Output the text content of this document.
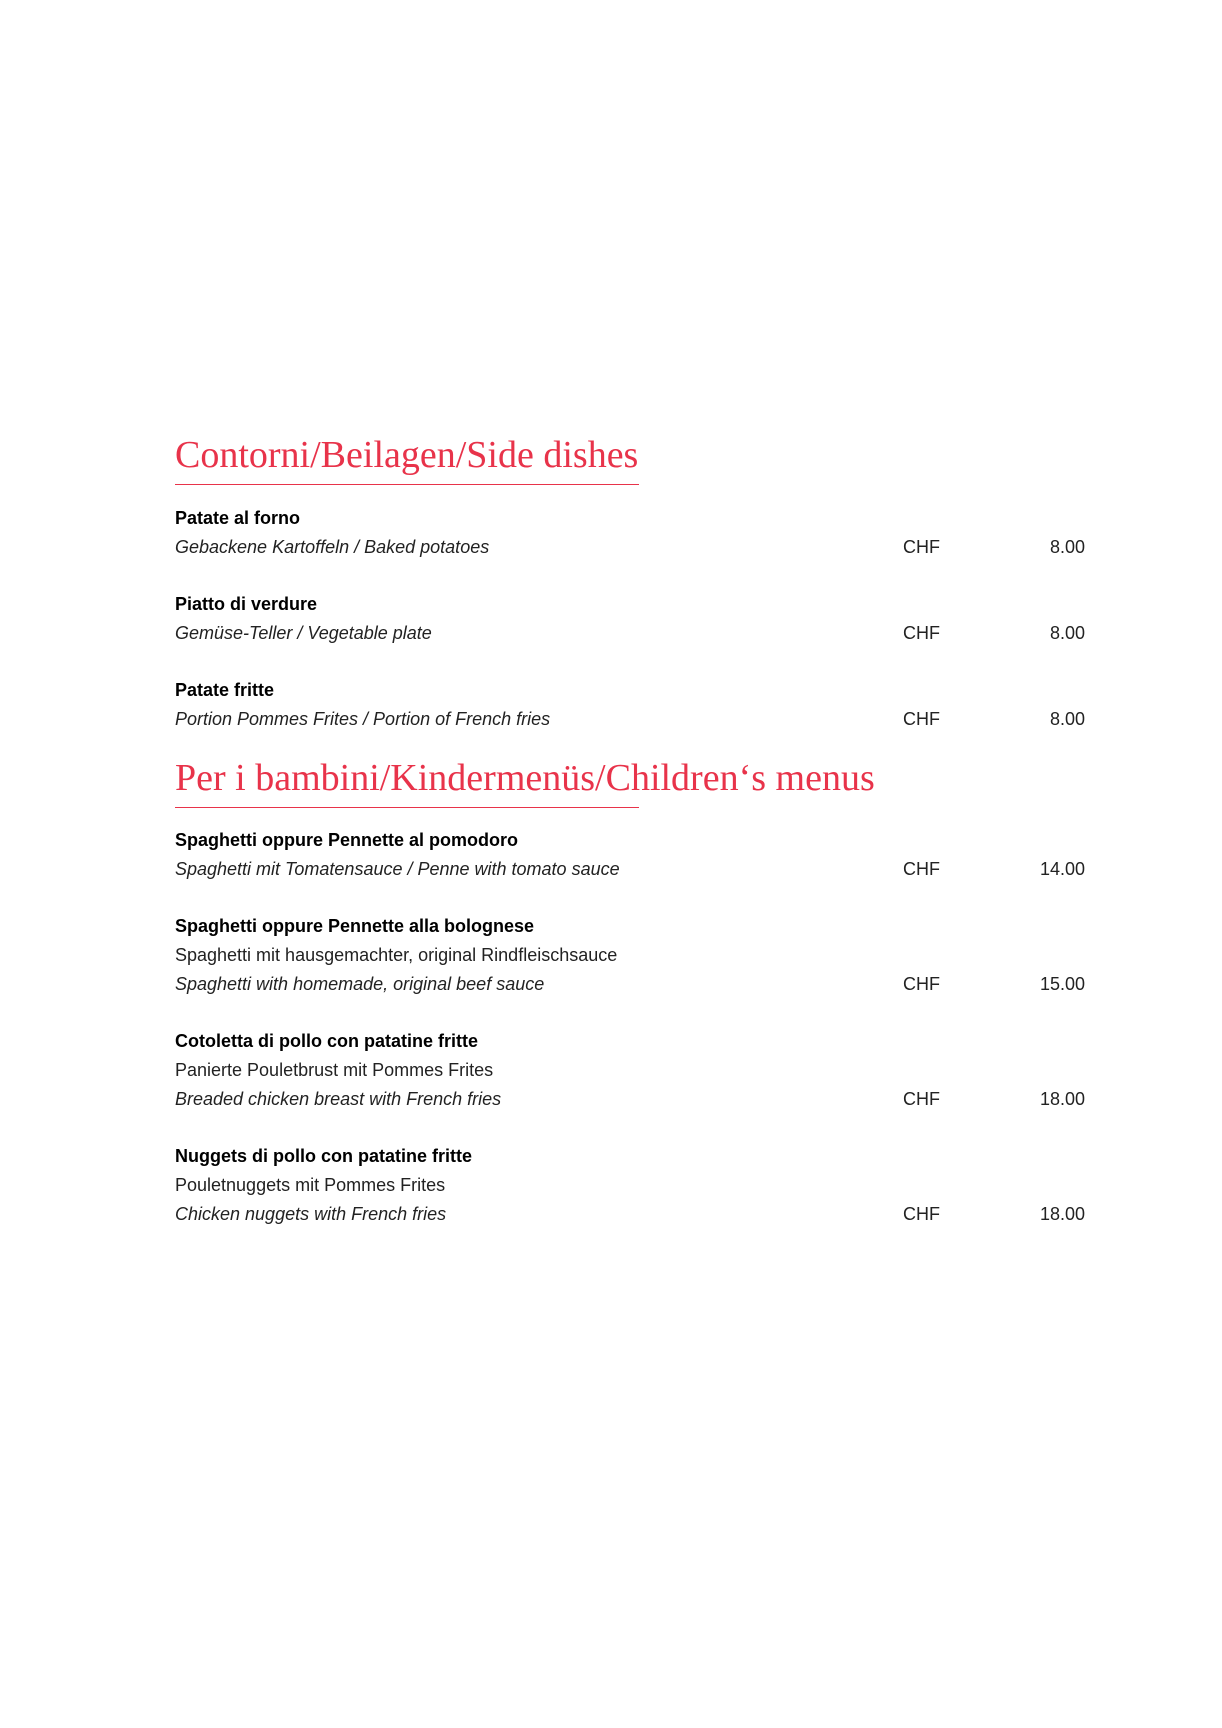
Contorni/Beilagen/Side dishes
Patate al forno
Gebackene Kartoffeln / Baked potatoes	CHF	8.00
Piatto di verdure
Gemüse-Teller / Vegetable plate	CHF	8.00
Patate fritte
Portion Pommes Frites / Portion of French fries	CHF	8.00
Per i bambini/Kindermenüs/Children‘s menus
Spaghetti oppure Pennette al pomodoro
Spaghetti mit Tomatensauce / Penne with tomato sauce	CHF	14.00
Spaghetti oppure Pennette alla bolognese
Spaghetti mit hausgemachter, original Rindfleischsauce
Spaghetti with homemade, original beef sauce	CHF	15.00
Cotoletta di pollo con patatine fritte
Panierte Pouletbrust mit Pommes Frites
Breaded chicken breast with French fries	CHF	18.00
Nuggets di pollo con patatine fritte
Pouletnuggets mit Pommes Frites
Chicken nuggets with French fries	CHF	18.00
